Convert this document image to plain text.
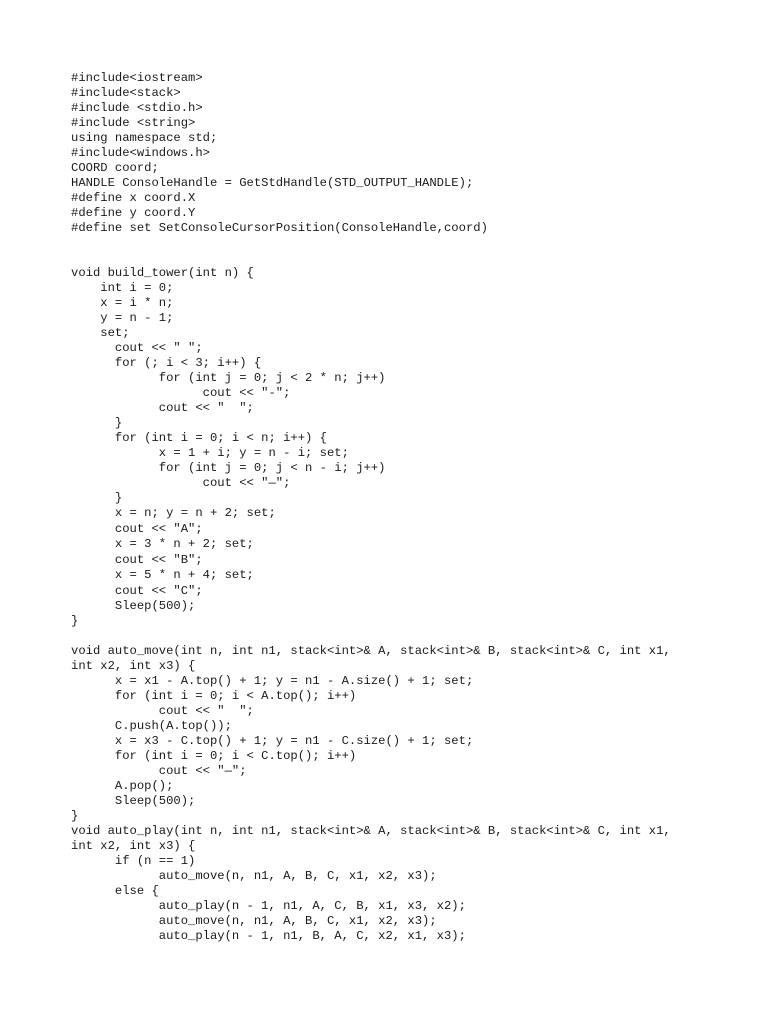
#include<iostream>
#include<stack>
#include <stdio.h>
#include <string>
using namespace std;
#include<windows.h>
COORD coord;
HANDLE ConsoleHandle = GetStdHandle(STD_OUTPUT_HANDLE);
#define x coord.X
#define y coord.Y
#define set SetConsoleCursorPosition(ConsoleHandle,coord)
void build_tower(int n) {
int i = 0;
x = i * n;
y = n - 1;
set;
cout << " ";
for (; i < 3; i++) {
for (int j = 0; j < 2 * n; j++)
cout << "-";
cout << "  ";
}
for (int i = 0; i < n; i++) {
x = 1 + i; y = n - i; set;
for (int j = 0; j < n - i; j++)
cout << "—";
}
x = n; y = n + 2; set;
cout << "A";
x = 3 * n + 2; set;
cout << "B";
x = 5 * n + 4; set;
cout << "C";
Sleep(500);
}
void auto_move(int n, int n1, stack<int>& A, stack<int>& B, stack<int>& C, int x1,
int x2, int x3) {
x = x1 - A.top() + 1; y = n1 - A.size() + 1; set;
for (int i = 0; i < A.top(); i++)
cout << "  ";
C.push(A.top());
x = x3 - C.top() + 1; y = n1 - C.size() + 1; set;
for (int i = 0; i < C.top(); i++)
cout << "—";
A.pop();
Sleep(500);
}
void auto_play(int n, int n1, stack<int>& A, stack<int>& B, stack<int>& C, int x1,
int x2, int x3) {
if (n == 1)
auto_move(n, n1, A, B, C, x1, x2, x3);
else {
auto_play(n - 1, n1, A, C, B, x1, x3, x2);
auto_move(n, n1, A, B, C, x1, x2, x3);
auto_play(n - 1, n1, B, A, C, x2, x1, x3);
